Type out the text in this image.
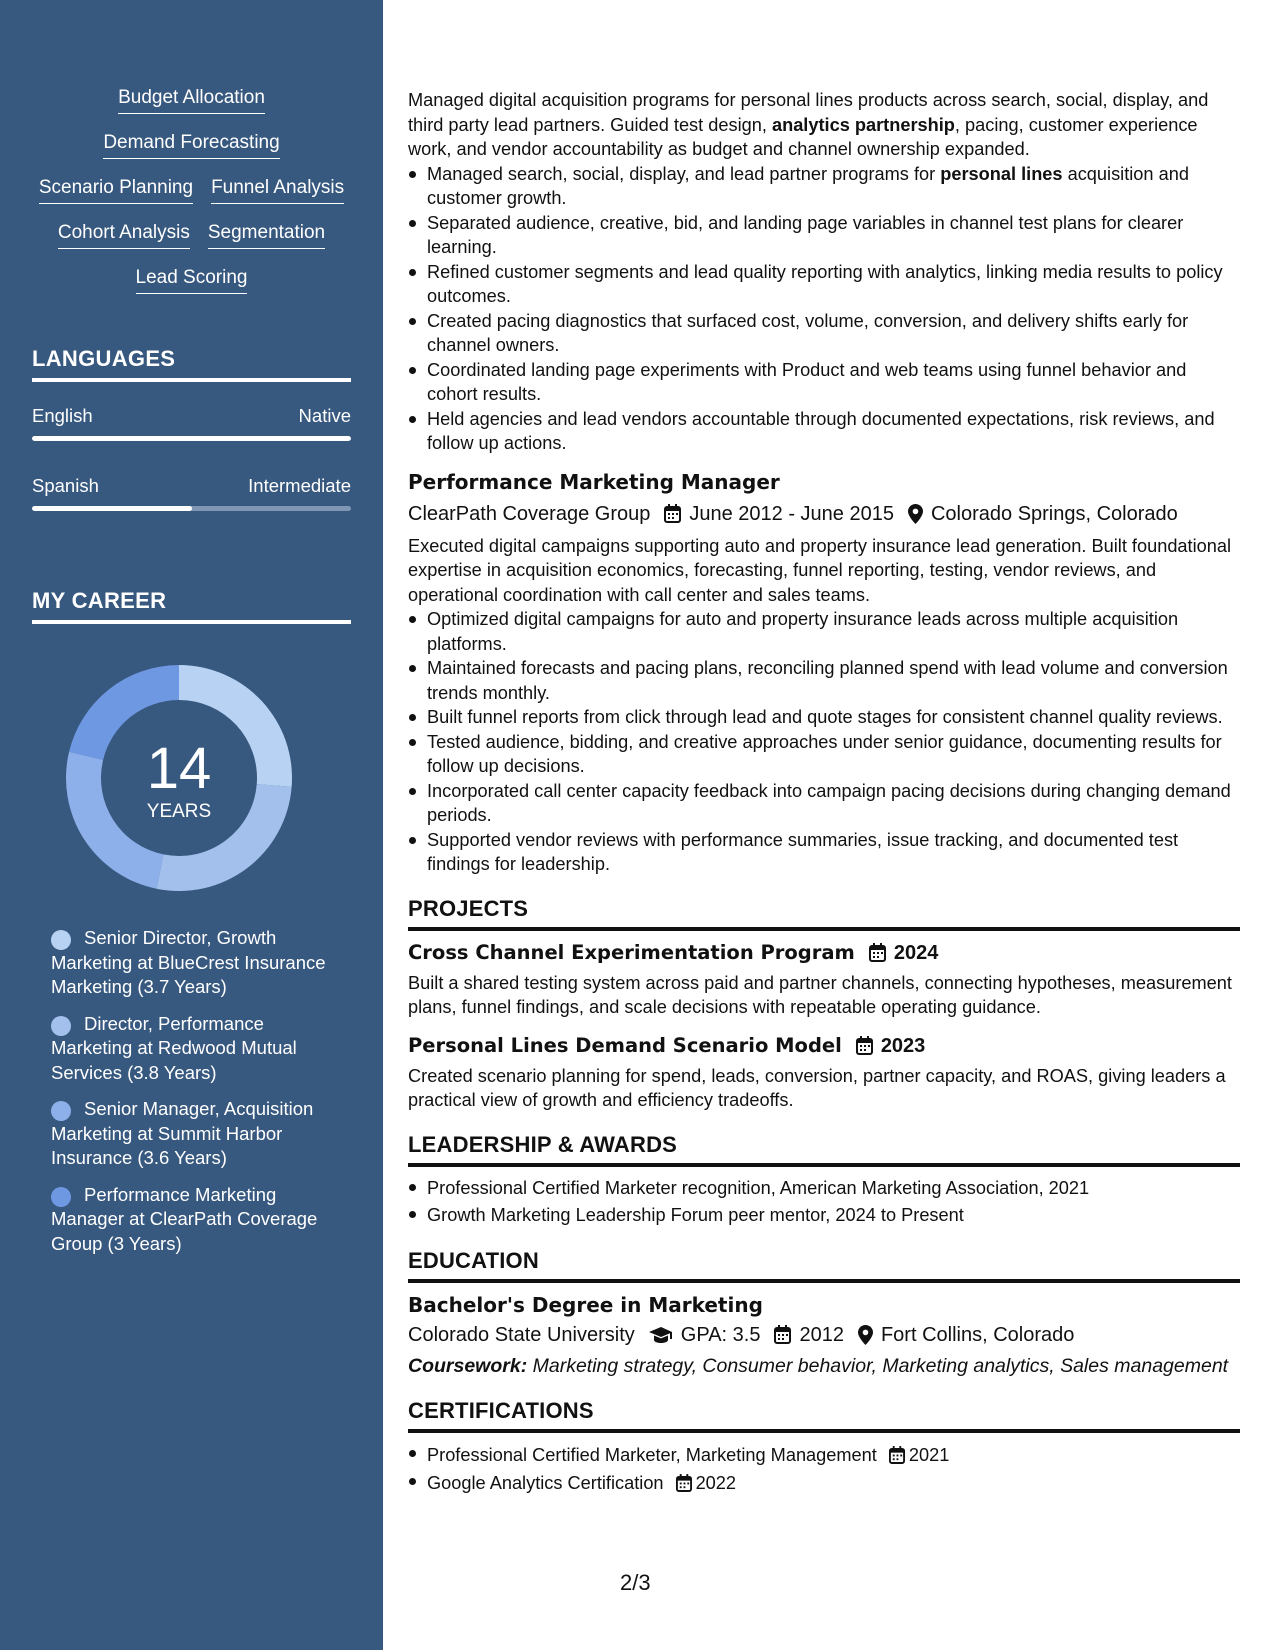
Budget Allocation
Demand Forecasting
Scenario Planning Funnel Analysis
Cohort Analysis Segmentation
Lead Scoring
LANGUAGES
English	Native
Spanish	Intermediate
MY CAREER
14
YEARS
Senior Director, Growth Marketing at BlueCrest Insurance Marketing (3.7 Years)
Director, Performance Marketing at Redwood Mutual Services (3.8 Years)
Senior Manager, Acquisition Marketing at Summit Harbor Insurance (3.6 Years)
Performance Marketing Manager at ClearPath Coverage Group (3 Years)

Managed digital acquisition programs for personal lines products across search, social, display, and third party lead partners. Guided test design, analytics partnership, pacing, customer experience work, and vendor accountability as budget and channel ownership expanded.

Managed search, social, display, and lead partner programs for personal lines acquisition and customer growth.
Separated audience, creative, bid, and landing page variables in channel test plans for clearer learning.
Refined customer segments and lead quality reporting with analytics, linking media results to policy outcomes.
Created pacing diagnostics that surfaced cost, volume, conversion, and delivery shifts early for channel owners.
Coordinated landing page experiments with Product and web teams using funnel behavior and cohort results.
Held agencies and lead vendors accountable through documented expectations, risk reviews, and follow up actions.
Performance Marketing Manager
ClearPath Coverage Group June 2012 - June 2015 Colorado Springs, Colorado

Executed digital campaigns supporting auto and property insurance lead generation. Built foundational expertise in acquisition economics, forecasting, funnel reporting, testing, vendor reviews, and operational coordination with call center and sales teams.

Optimized digital campaigns for auto and property insurance leads across multiple acquisition platforms.
Maintained forecasts and pacing plans, reconciling planned spend with lead volume and conversion trends monthly.
Built funnel reports from click through lead and quote stages for consistent channel quality reviews.
Tested audience, bidding, and creative approaches under senior guidance, documenting results for follow up decisions.
Incorporated call center capacity feedback into campaign pacing decisions during changing demand periods.
Supported vendor reviews with performance summaries, issue tracking, and documented test findings for leadership.
PROJECTS
Cross Channel Experimentation Program 2024

Built a shared testing system across paid and partner channels, connecting hypotheses, measurement plans, funnel findings, and scale decisions with repeatable operating guidance.

Personal Lines Demand Scenario Model 2023

Created scenario planning for spend, leads, conversion, partner capacity, and ROAS, giving leaders a practical view of growth and efficiency tradeoffs.

LEADERSHIP & AWARDS
Professional Certified Marketer recognition, American Marketing Association, 2021
Growth Marketing Leadership Forum peer mentor, 2024 to Present
EDUCATION
Bachelor's Degree in Marketing
Colorado State University GPA: 3.5 2012 Fort Collins, Colorado

Coursework: Marketing strategy, Consumer behavior, Marketing analytics, Sales management

CERTIFICATIONS
Professional Certified Marketer, Marketing Management 2021
Google Analytics Certification 2022
2/3
